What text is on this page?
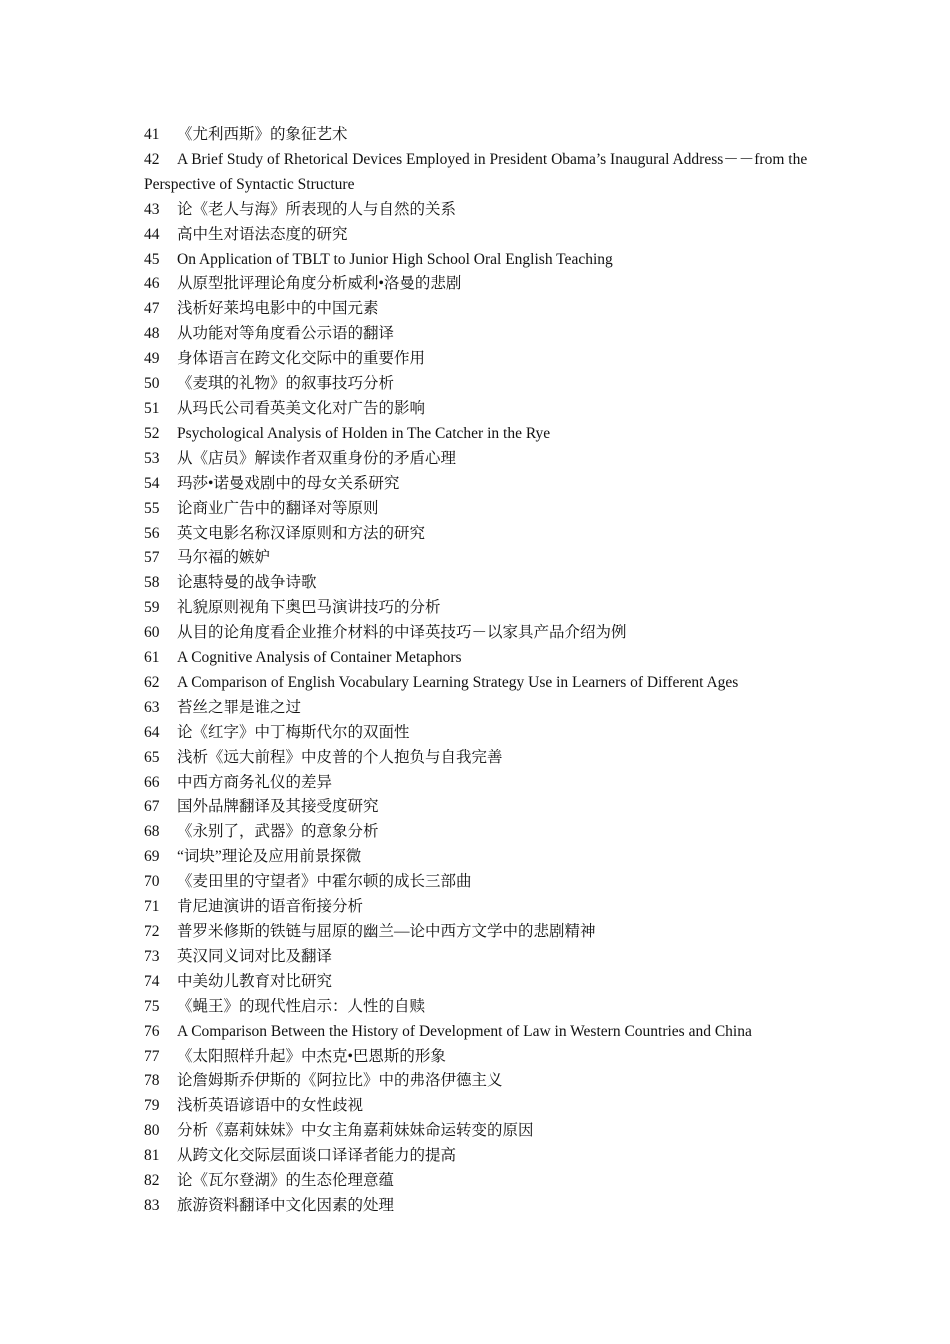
41 《尤利西斯》的象征艺术
42 A Brief Study of Rhetorical Devices Employed in President Obama’s Inaugural Address－－from the Perspective of Syntactic Structure
43 论《老人与海》所表现的人与自然的关系
44 高中生对语法态度的研究
45 On Application of TBLT to Junior High School Oral English Teaching
46 从原型批评理论角度分析威利•洛曼的悲剧
47 浅析好莱坞电影中的中国元素
48 从功能对等角度看公示语的翻译
49 身体语言在跨文化交际中的重要作用
50 《麦琪的礼物》的叙事技巧分析
51 从玛氏公司看英美文化对广告的影响
52 Psychological Analysis of Holden in The Catcher in the Rye
53 从《店员》解读作者双重身份的矛盾心理
54 玛莎•诺曼戏剧中的母女关系研究
55 论商业广告中的翻译对等原则
56 英文电影名称汉译原则和方法的研究
57 马尔福的嫉妒
58 论惠特曼的战争诗歌
59 礼貌原则视角下奥巴马演讲技巧的分析
60 从目的论角度看企业推介材料的中译英技巧－以家具产品介绍为例
61 A Cognitive Analysis of Container Metaphors
62 A Comparison of English Vocabulary Learning Strategy Use in Learners of Different Ages
63 苔丝之罪是谁之过
64 论《红字》中丁梅斯代尔的双面性
65 浅析《远大前程》中皮普的个人抱负与自我完善
66 中西方商务礼仪的差异
67 国外品牌翻译及其接受度研究
68 《永别了，武器》的意象分析
69 “词块”理论及应用前景探微
70 《麦田里的守望者》中霍尔顿的成长三部曲
71 肯尼迪演讲的语音衔接分析
72 普罗米修斯的铁链与屈原的幽兰—论中西方文学中的悲剧精神
73 英汉同义词对比及翻译
74 中美幼儿教育对比研究
75 《蝇王》的现代性启示：人性的自赎
76 A Comparison Between the History of Development of Law in Western Countries and China
77 《太阳照样升起》中杰克•巴恩斯的形象
78 论詹姆斯乔伊斯的《阿拉比》中的弗洛伊德主义
79 浅析英语谚语中的女性歧视
80 分析《嘉莉妹妹》中女主角嘉莉妹妹命运转变的原因
81 从跨文化交际层面谈口译译者能力的提高
82 论《瓦尔登湖》的生态伦理意蕴
83 旅游资料翻译中文化因素的处理
